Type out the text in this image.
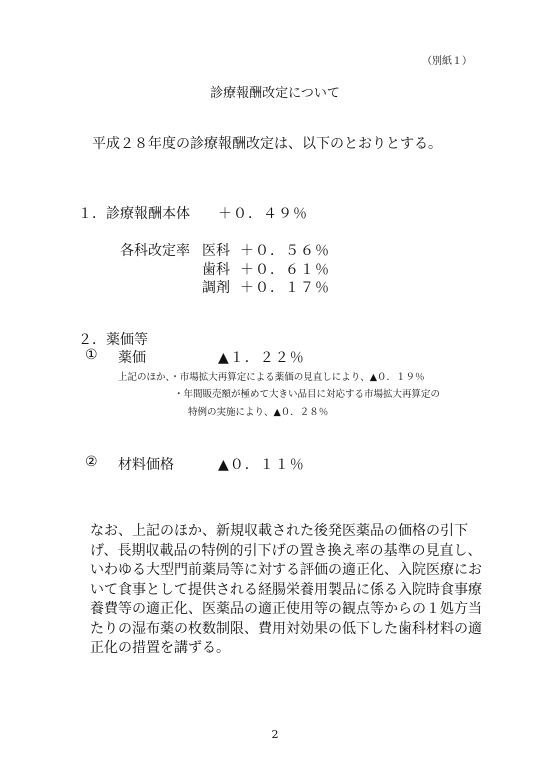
（別紙１）
診療報酬改定について
平成２８年度の診療報酬改定は、以下のとおりとする。
１．診療報酬本体 ＋０．４９％
各科改定率 医科 ＋０．５６％
歯科 ＋０．６１％
調剤 ＋０．１７％
２．薬価等
① 薬価	▲１．２２％
上記のほか、・市場拡大再算定による薬価の見直しにより、▲０．１９％
・年間販売額が極めて大きい品目に対応する市場拡大再算定の
特例の実施により、▲０．２８％
② 材料価格	▲０．１１％
なお、上記のほか、新規収載された後発医薬品の価格の引下
げ、長期収載品の特例的引下げの置き換え率の基準の見直し、
いわゆる大型門前薬局等に対する評価の適正化、入院医療にお
いて食事として提供される経腸栄養用製品に係る入院時食事療
養費等の適正化、医薬品の適正使用等の観点等からの１処方当
たりの湿布薬の枚数制限、費用対効果の低下した歯科材料の適
正化の措置を講ずる。
2
